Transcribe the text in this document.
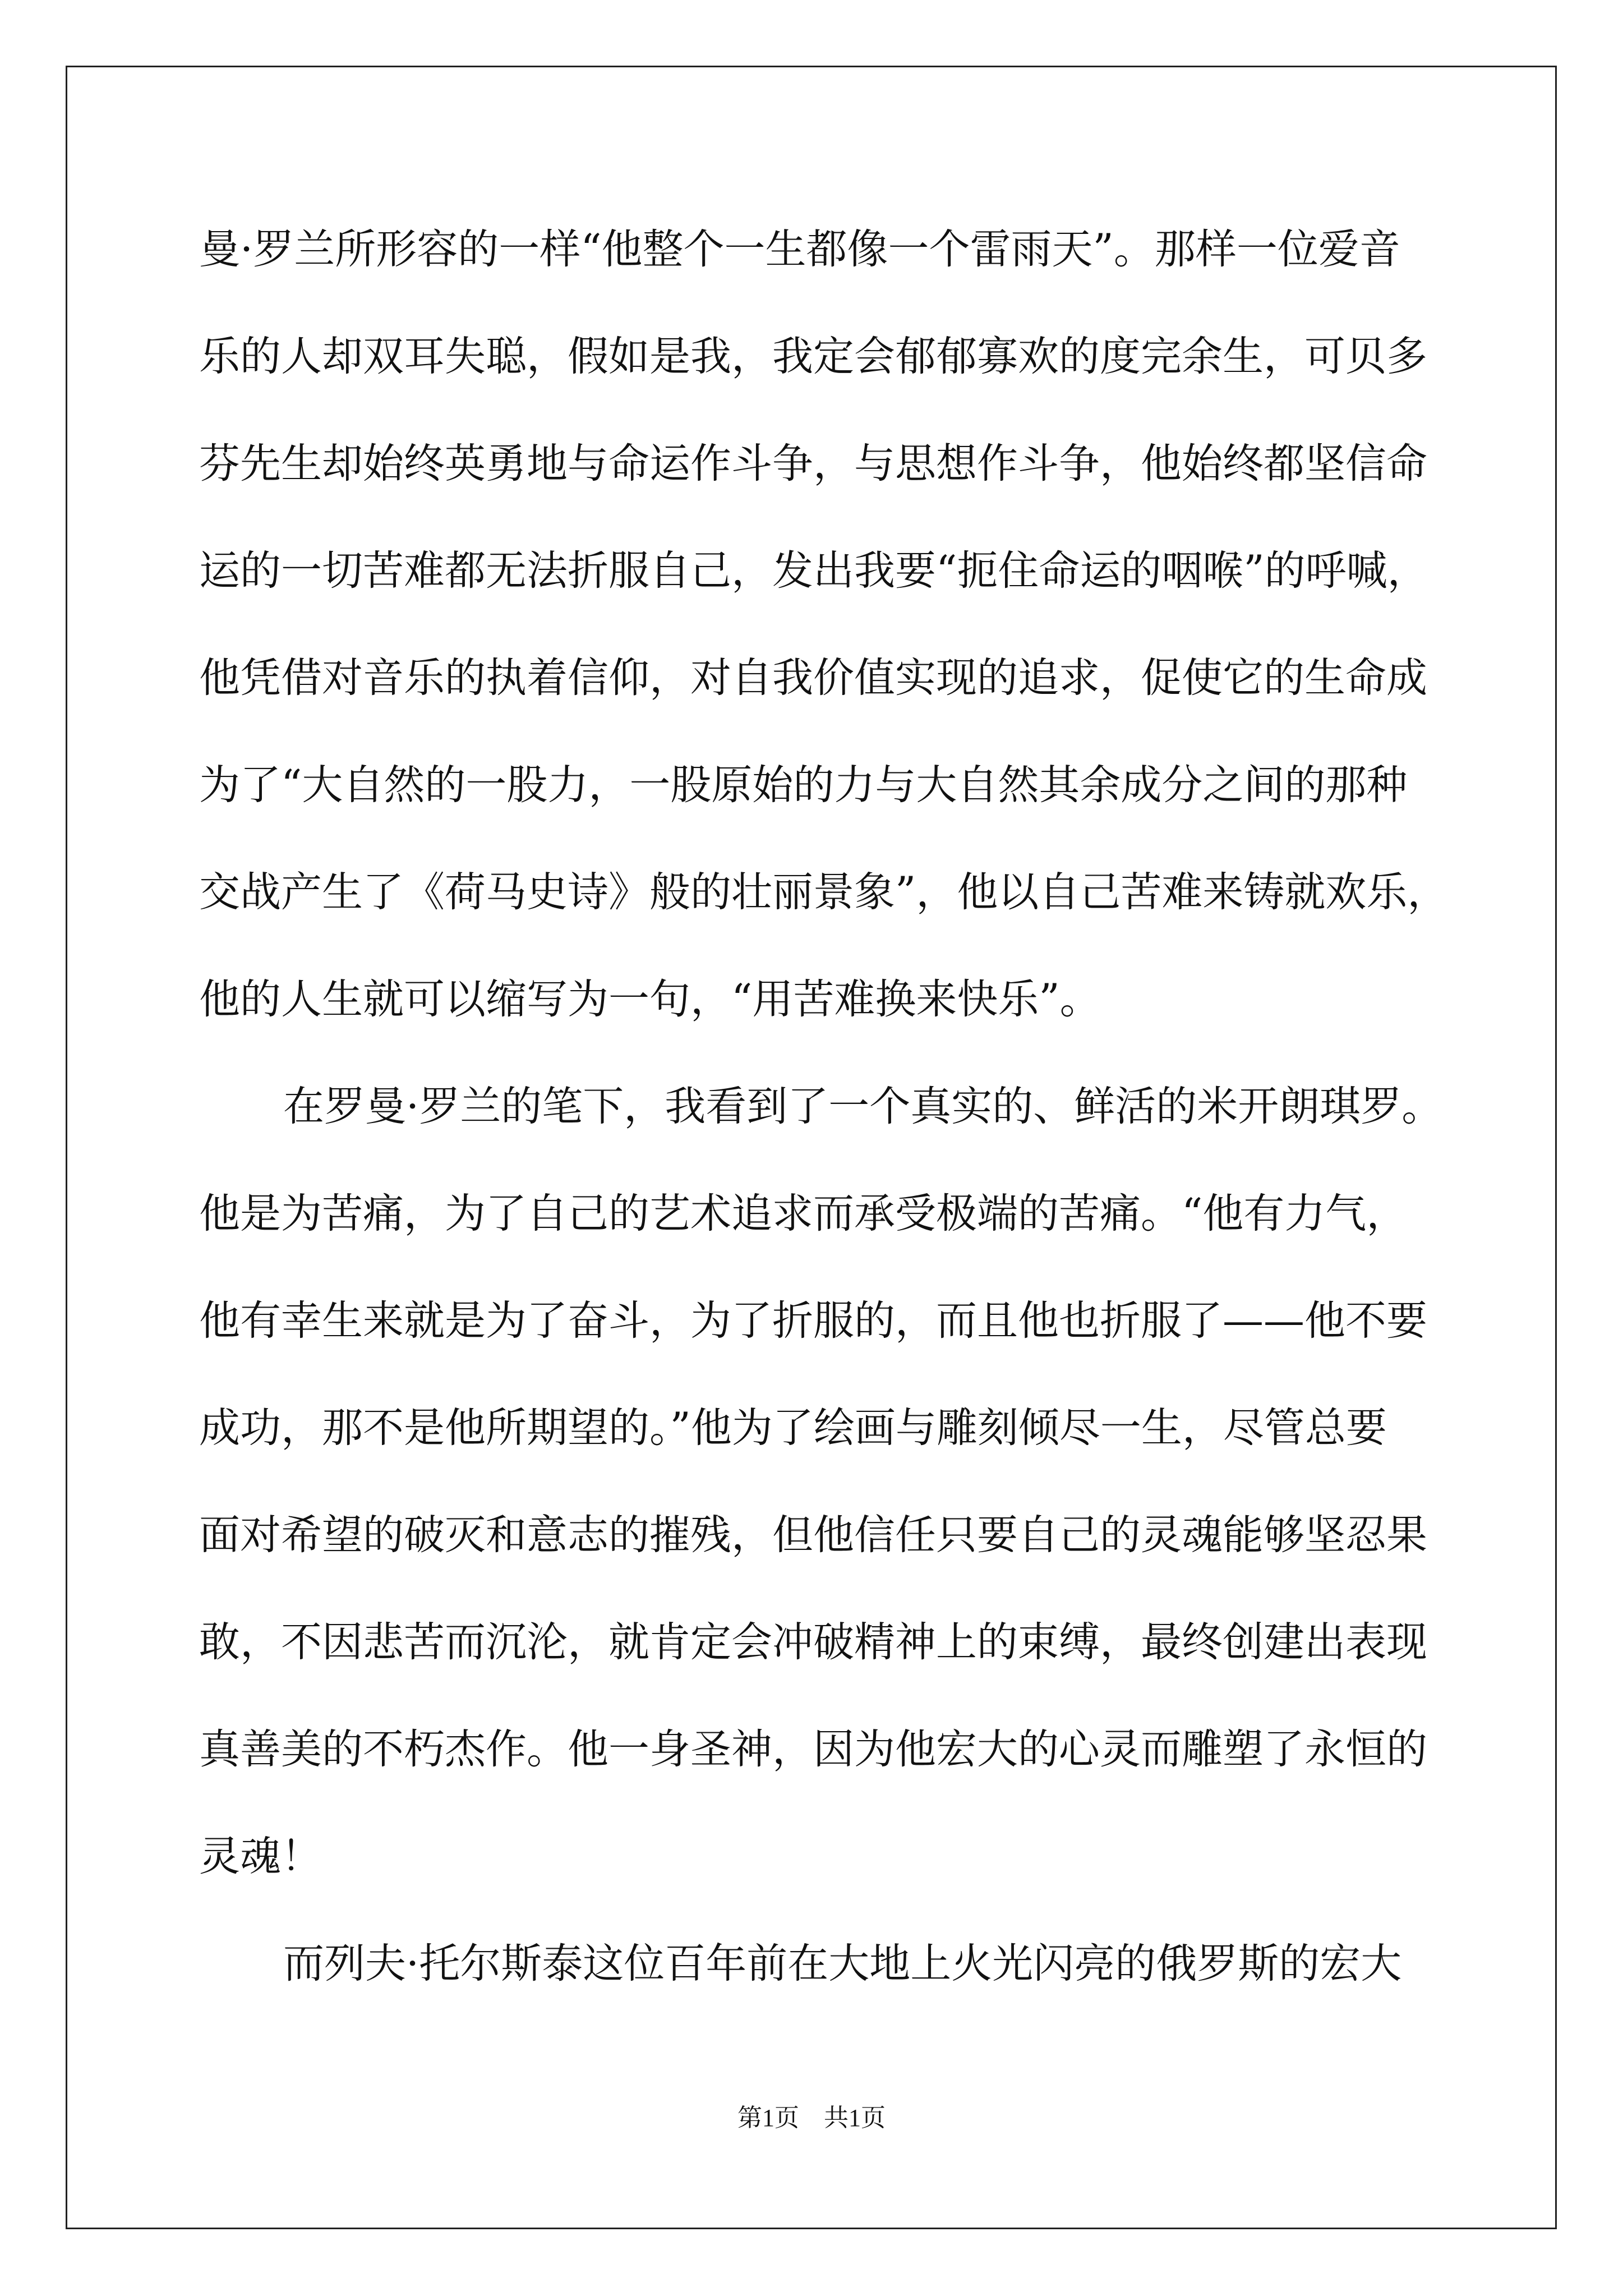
曼·罗兰所形容的一样“他整个一生都像一个雷雨天”。那样一位爱音
乐的人却双耳失聪，假如是我，我定会郁郁寡欢的度完余生，可贝多
芬先生却始终英勇地与命运作斗争，与思想作斗争，他始终都坚信命
运的一切苦难都无法折服自己，发出我要“扼住命运的咽喉”的呼喊，
他凭借对音乐的执着信仰，对自我价值实现的追求，促使它的生命成
为了“大自然的一股力，一股原始的力与大自然其余成分之间的那种
交战产生了《荷马史诗》般的壮丽景象”，他以自己苦难来铸就欢乐，
他的人生就可以缩写为一句，“用苦难换来快乐”。
在罗曼·罗兰的笔下，我看到了一个真实的、鲜活的米开朗琪罗。
他是为苦痛，为了自己的艺术追求而承受极端的苦痛。“他有力气，
他有幸生来就是为了奋斗，为了折服的，而且他也折服了——他不要
成功，那不是他所期望的。”他为了绘画与雕刻倾尽一生，尽管总要
面对希望的破灭和意志的摧残，但他信任只要自己的灵魂能够坚忍果
敢，不因悲苦而沉沦，就肯定会冲破精神上的束缚，最终创建出表现
真善美的不朽杰作。他一身圣神，因为他宏大的心灵而雕塑了永恒的
灵魂！
而列夫·托尔斯泰这位百年前在大地上火光闪亮的俄罗斯的宏大
第1页 共1页
